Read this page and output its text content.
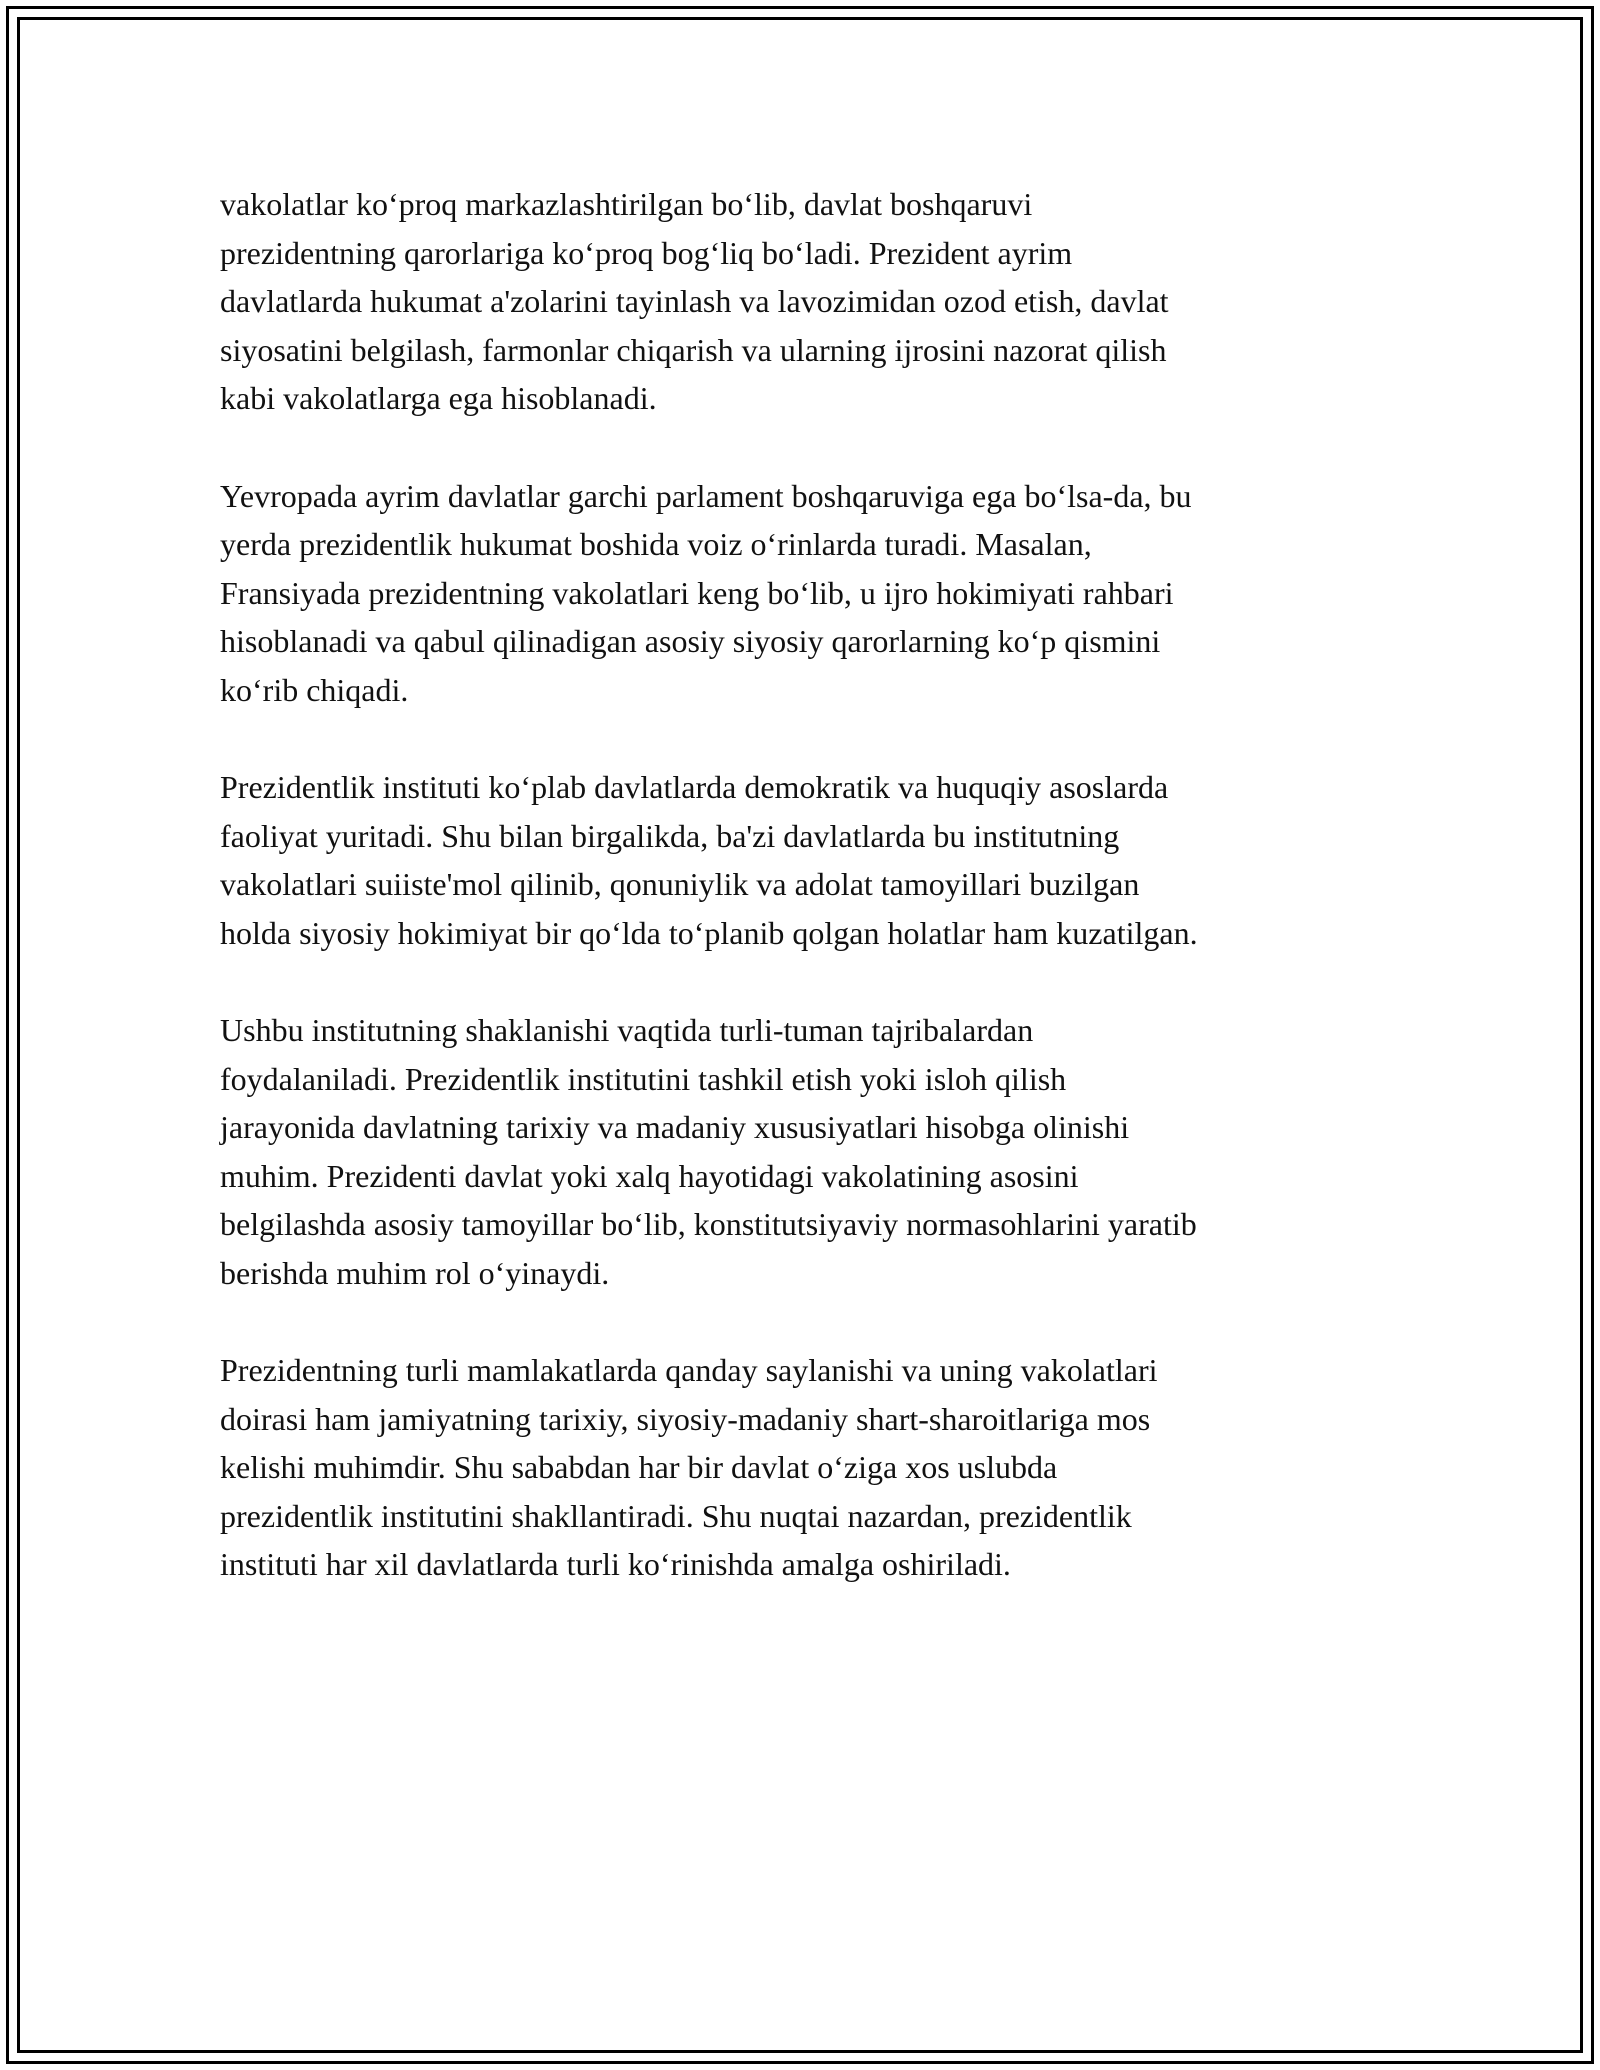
vakolatlar ko‘proq markazlashtirilgan bo‘lib, davlat boshqaruvi
prezidentning qarorlariga ko‘proq bog‘liq bo‘ladi. Prezident ayrim
davlatlarda hukumat a'zolarini tayinlash va lavozimidan ozod etish, davlat
siyosatini belgilash, farmonlar chiqarish va ularning ijrosini nazorat qilish
kabi vakolatlarga ega hisoblanadi.

Yevropada ayrim davlatlar garchi parlament boshqaruviga ega bo‘lsa-da, bu
yerda prezidentlik hukumat boshida voiz o‘rinlarda turadi. Masalan,
Fransiyada prezidentning vakolatlari keng bo‘lib, u ijro hokimiyati rahbari
hisoblanadi va qabul qilinadigan asosiy siyosiy qarorlarning ko‘p qismini
ko‘rib chiqadi.

Prezidentlik instituti ko‘plab davlatlarda demokratik va huquqiy asoslarda
faoliyat yuritadi. Shu bilan birgalikda, ba'zi davlatlarda bu institutning
vakolatlari suiiste'mol qilinib, qonuniylik va adolat tamoyillari buzilgan
holda siyosiy hokimiyat bir qo‘lda to‘planib qolgan holatlar ham kuzatilgan.

Ushbu institutning shaklanishi vaqtida turli-tuman tajribalardan
foydalaniladi. Prezidentlik institutini tashkil etish yoki isloh qilish
jarayonida davlatning tarixiy va madaniy xususiyatlari hisobga olinishi
muhim. Prezidenti davlat yoki xalq hayotidagi vakolatining asosini
belgilashda asosiy tamoyillar bo‘lib, konstitutsiyaviy normasohlarini yaratib
berishda muhim rol o‘yinaydi.

Prezidentning turli mamlakatlarda qanday saylanishi va uning vakolatlari
doirasi ham jamiyatning tarixiy, siyosiy-madaniy shart-sharoitlariga mos
kelishi muhimdir. Shu sababdan har bir davlat o‘ziga xos uslubda
prezidentlik institutini shakllantiradi. Shu nuqtai nazardan, prezidentlik
instituti har xil davlatlarda turli ko‘rinishda amalga oshiriladi.
